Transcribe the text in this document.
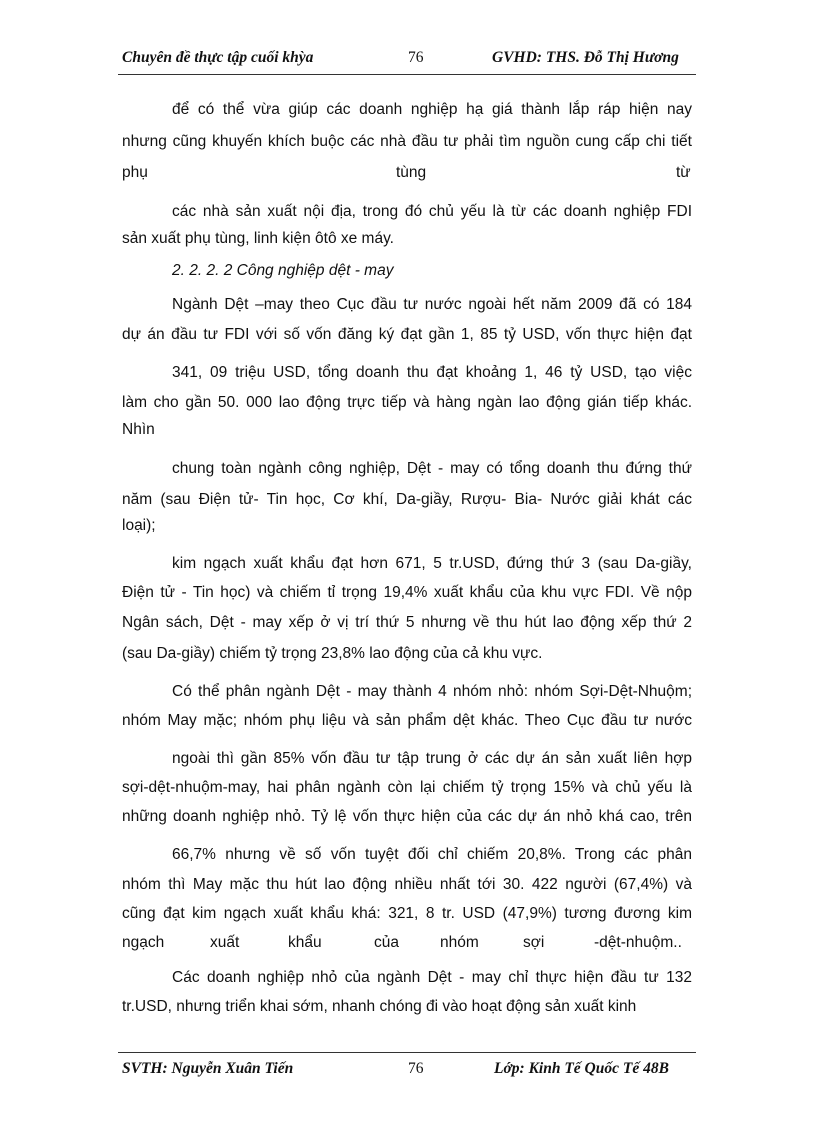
Chuyên đề thực tập cuối khỳa	76	GVHD: THS. Đỗ Thị Hương
để có thể vừa giúp các doanh nghiệp hạ giá thành lắp ráp hiện nay
nhưng cũng khuyến khích buộc các nhà đầu tư phải tìm nguồn cung cấp chi tiết
phụ	tùng	từ
các nhà sản xuất nội địa, trong đó chủ yếu là từ các doanh nghiệp FDI
sản xuất phụ tùng, linh kiện ôtô xe máy.
2. 2. 2. 2 Công nghiệp dệt - may
Ngành Dệt –may theo Cục đầu tư nước ngoài hết năm 2009 đã có 184
dự án đầu tư FDI với số vốn đăng ký đạt gần 1, 85 tỷ USD, vốn thực hiện đạt
341, 09 triệu USD, tổng doanh thu đạt khoảng 1, 46 tỷ USD, tạo việc
làm cho gần 50. 000 lao động trực tiếp và hàng ngàn lao động gián tiếp khác.
Nhìn
chung toàn ngành công nghiệp, Dệt - may có tổng doanh thu đứng thứ
năm (sau Điện tử- Tin học, Cơ khí, Da-giầy, Rượu- Bia- Nước giải khát các
loại);
kim ngạch xuất khẩu đạt hơn 671, 5 tr.USD, đứng thứ 3 (sau Da-giầy,
Điện tử - Tin học) và chiếm tỉ trọng 19,4% xuất khẩu của khu vực FDI. Về nộp
Ngân sách, Dệt - may xếp ở vị trí thứ 5 nhưng về thu hút lao động xếp thứ 2
(sau Da-giầy) chiếm tỷ trọng 23,8% lao động của cả khu vực.
Có thể phân ngành Dệt - may thành 4 nhóm nhỏ: nhóm Sợi-Dệt-Nhuộm;
nhóm May mặc; nhóm phụ liệu và sản phẩm dệt khác. Theo Cục đầu tư nước
ngoài thì gần 85% vốn đầu tư tập trung ở các dự án sản xuất liên hợp
sợi-dệt-nhuộm-may, hai phân ngành còn lại chiếm tỷ trọng 15% và chủ yếu là
những doanh nghiệp nhỏ. Tỷ lệ vốn thực hiện của các dự án nhỏ khá cao, trên
66,7% nhưng về số vốn tuyệt đối chỉ chiếm 20,8%. Trong các phân
nhóm thì May mặc thu hút lao động nhiều nhất tới 30. 422 người (67,4%) và
cũng đạt kim ngạch xuất khẩu khá: 321, 8 tr. USD (47,9%) tương đương kim
ngạch	xuất	khẩu	của	nhóm	sợi	-dệt-nhuộm..
Các doanh nghiệp nhỏ của ngành Dệt - may chỉ thực hiện đầu tư 132
tr.USD, nhưng triển khai sớm, nhanh chóng đi vào hoạt động sản xuất kinh
SVTH: Nguyễn Xuân Tiến	76	Lớp: Kinh Tế Quốc Tế 48B
